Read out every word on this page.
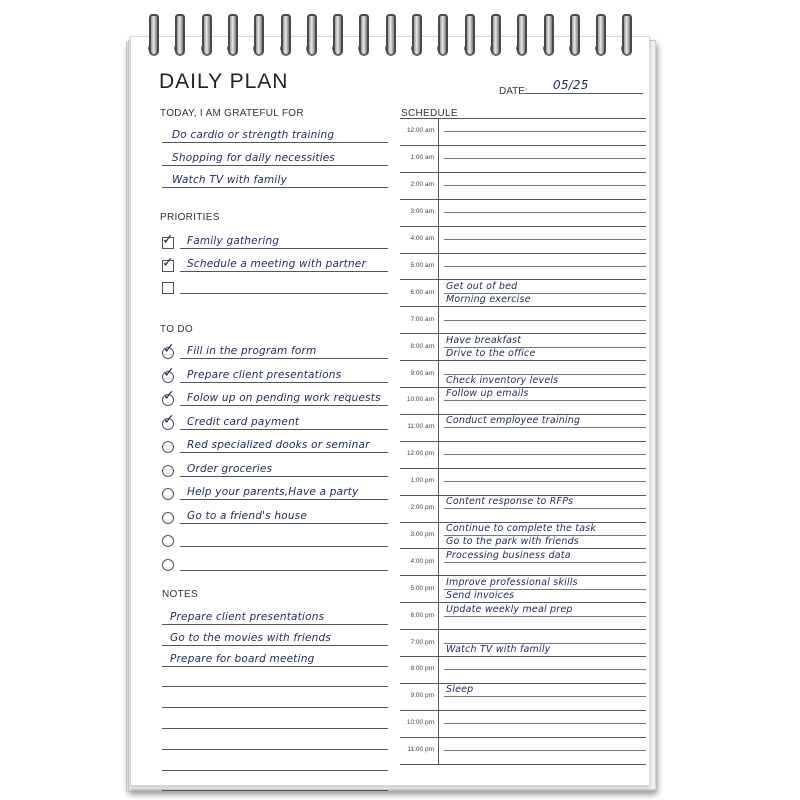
DAILY PLAN	DATE: 05/25
TODAY, I AM GRATEFUL FOR
Do cardio or strength training
Shopping for daily necessities
Watch TV with family
PRIORITIES
✓ Family gathering
✓ Schedule a meeting with partner
TO DO
✓ Fill in the program form
✓ Prepare client presentations
✓ Folow up on pending work requests
✓ Credit card payment
Red specialized dooks or seminar
Order groceries
Help your parents,Have a party
Go to a friend's house
NOTES
Prepare client presentations
Go to the movies with friends
Prepare for board meeting
SCHEDULE
12:00 am
1:00 am
2:00 am
3:00 am
4:00 am
5:00 am
6:00 am
Get out of bed
Morning exercise
7:00 am
8:00 am
Have breakfast
Drive to the office
9:00 am
Check inventory levels
10:00 am
Follow up emails
11:00 am
Conduct employee training
12:00 pm
1:00 pm
2:00 pm
Content response to RFPs
3:00 pm
Continue to complete the task
Go to the park with friends
4:00 pm
Processing business data
5:00 pm
Improve professional skills
Send invoices
6:00 pm
Update weekly meal prep
7:00 pm
Watch TV with family
8:00 pm
9:00 pm
Sleep
10:00 pm
11:00 pm
